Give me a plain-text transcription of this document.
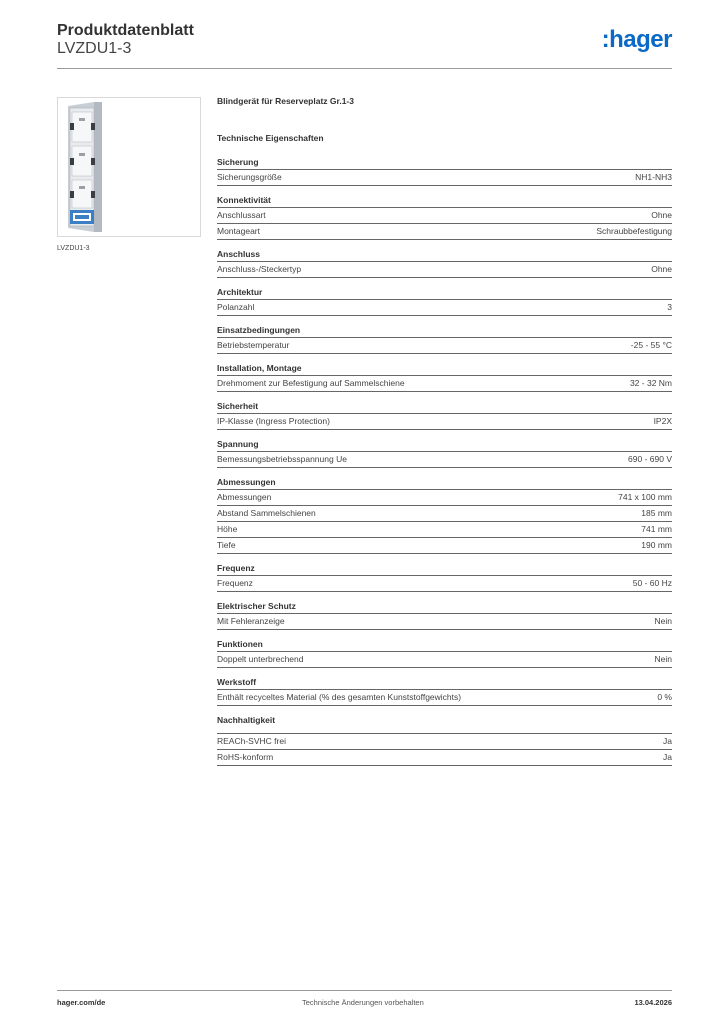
Produktdatenblatt
LVZDU1-3	:hager
LVZDU1-3
Blindgerät für Reserveplatz Gr.1-3
Technische Eigenschaften
Sicherung
Sicherungsgröße	NH1-NH3
Konnektivität
Anschlussart	Ohne
Montageart	Schraubbefestigung
Anschluss
Anschluss-/Steckertyp	Ohne
Architektur
Polanzahl	3
Einsatzbedingungen
Betriebstemperatur	-25 - 55 °C
Installation, Montage
Drehmoment zur Befestigung auf Sammelschiene	32 - 32 Nm
Sicherheit
IP-Klasse (Ingress Protection)	IP2X
Spannung
Bemessungsbetriebsspannung Ue	690 - 690 V
Abmessungen
Abmessungen	741 x 100 mm
Abstand Sammelschienen	185 mm
Höhe	741 mm
Tiefe	190 mm
Frequenz
Frequenz	50 - 60 Hz
Elektrischer Schutz
Mit Fehleranzeige	Nein
Funktionen
Doppelt unterbrechend	Nein
Werkstoff
Enthält recyceltes Material (% des gesamten Kunststoffgewichts)	0 %
Nachhaltigkeit
REACh-SVHC frei	Ja
RoHS-konform	Ja
hager.com/de	Technische Änderungen vorbehalten	13.04.2026
